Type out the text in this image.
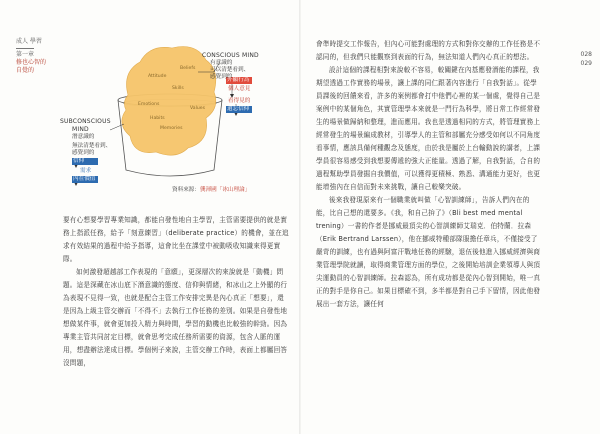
成人 學習
第一章
修也心智的
自覺的
CONSCIOUS MIND
有意識的
可以清楚看到、
感覺到的
外顯行為
個人意見
看得見的
遺忘信仰
SUBCONSCIOUS
MIND
潛意識的
無法清楚看到、
感覺到的
信仰
內在價值
需求
Attitude
Beliefs
Skills
Emotions
Values
Memories
Habits
資料來源：龔渾國「冰山理論」

要有心想要學習專業知識，都能自發性地自主學習，主管需要提供的就是實務上指派任務，給予「刻意練習」（deliberate practice）的機會，並在追求有效結果的過程中給予指導，這會比坐在課堂中被動吸收知識來得更實際。

如何激發超越部工作表現的「意願」，更深層次的來說就是「動機」問題。這是深藏在冰山底下潛意識的態度、信仰與情緒，和冰山之上外顯的行為表現不見得一致，也就是配合主管工作安排完異是內心真正「想要」，還是因為上級主管交辦而「不得不」去執行工作任務的差別。如果是自發性地想做某件事，就會更加投入精力與時間，學習的動機也比較強的幹勁。因為專業主管共同討定目標，就會思考完成任務所需要的資源，包含人脈的運用，想盡辦法達成目標。學個例子來說，主管交辦工作時，表面上都屬回答沒問題，

028
029

會準時提交工作報告，但內心可能對處理的方式和對你交辦的工作任務是不認同的，但我們只能觀察到表面的行為，無法知道人們內心真正的想法。

設計這個的課程相對來說較不容易，較關鍵在內基應發潛能的課程，我期望透過工作實務的場景，讓上課的同仁跟著內容進行「自我對話」。從學員課後的回饋來看，許多的案例都會打中他們心裡的某一個處，覺得自己是案例中的某個角色，其實管理學本來就是一門行為科學，將日常工作經常發生的場景做歸納和整理，進而應用。我也是透過相同的方式，將管理實務上經常發生的場景編成教材，引導學人的主管和部屬充分感受如何以不同角度看事情，應該具備何種觀念及態度，由於我是屬於上台輸動說的講者，上課學員很容易感受到我想要傳遞的強大正能量。透過了解，自我對話，合自的過程幫助學員發掘自我價值，可以獲得更積極、熟悉、溝通能力更好，也更能增強內在自信而對未來挑戰，讓自己較樂突破。

後來我發現原來有一個職業就叫做「心智訓練師」，告訴人們內在的能，比自己想的還要多。《我，和自己拚了》（Bli best med mental trening）一書的作者是挪威最頂尖的心智訓練師艾瑞克．伯特蘭．拉森（Erik Bertrand Larssen），他在挪威特種部隊服擔任章兵，不僅接受了嚴苛的訓練，也有過與阿富汗戰地任務的經驗，退伍後他進入挪威經濟與商業管理學院就讀，取得商業管理方面的學位，之後開始培訓企業領導人與頂尖運動員的心智訓練師。拉森認為，所有成功都是從內心智到開始，唯一真正的對手是你自己。如果目標確不到，多半都是對自己手下留情，因此他發展出一套方法，讓任何
